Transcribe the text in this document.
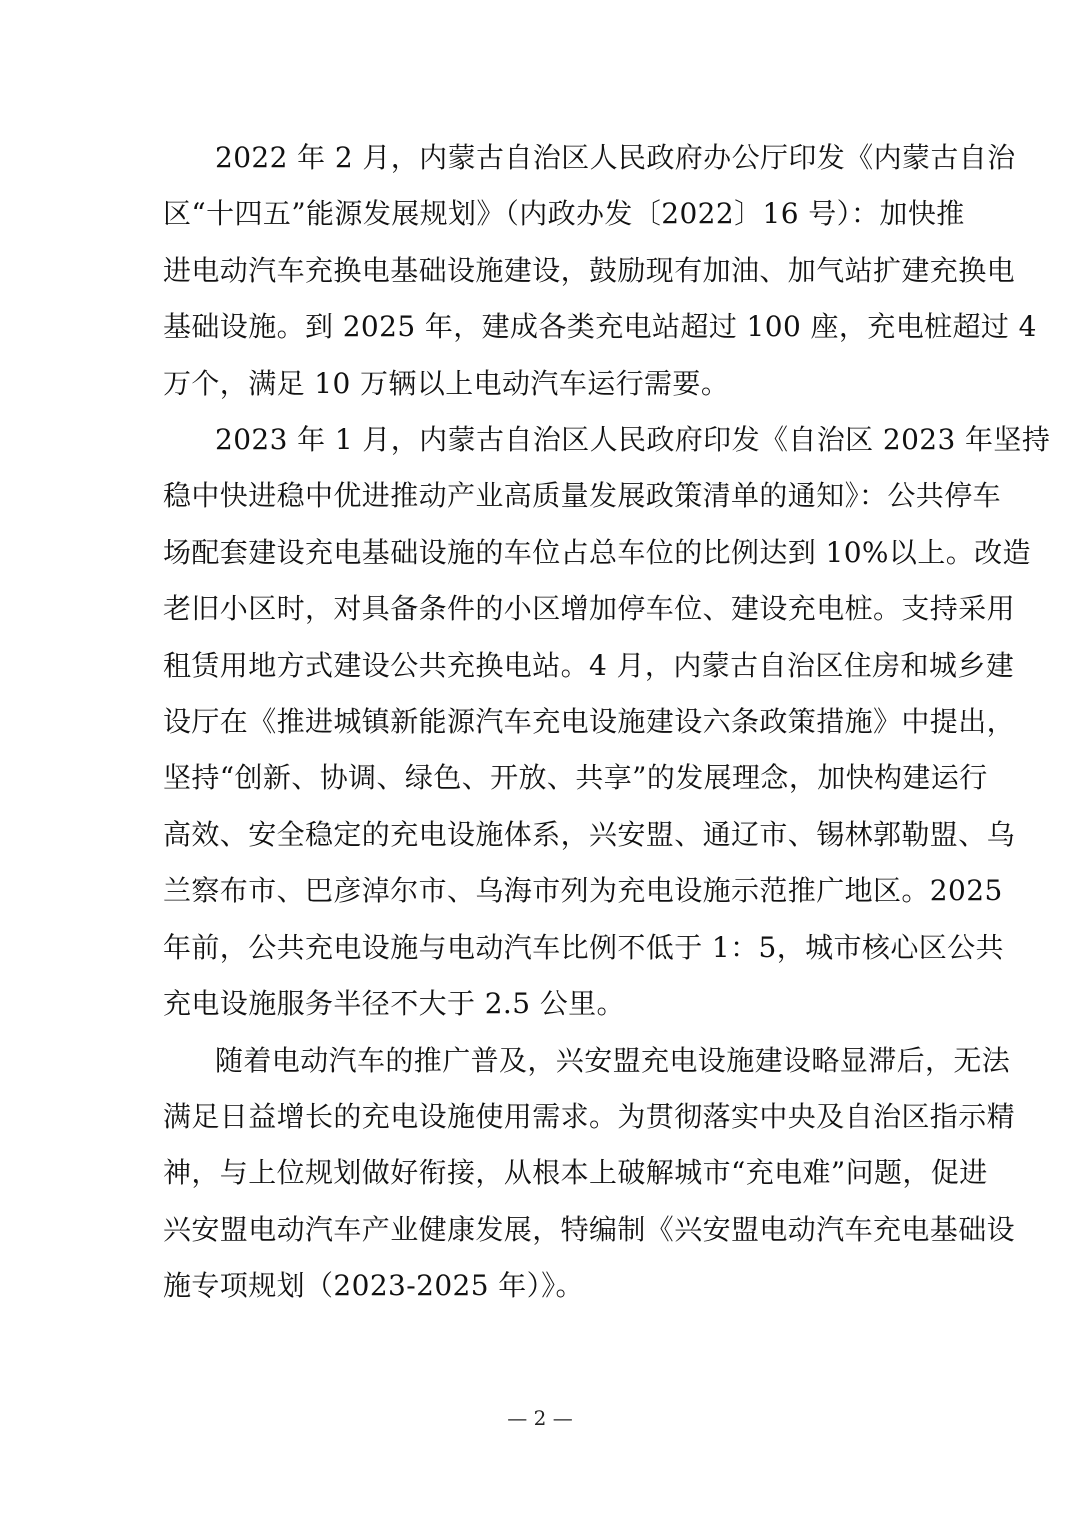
2022 年 2 月，内蒙古自治区人民政府办公厅印发《内蒙古自治
区“十四五”能源发展规划》（内政办发〔2022〕16 号）：加快推
进电动汽车充换电基础设施建设，鼓励现有加油、加气站扩建充换电
基础设施。到 2025 年，建成各类充电站超过 100 座，充电桩超过 4
万个，满足 10 万辆以上电动汽车运行需要。

2023 年 1 月，内蒙古自治区人民政府印发《自治区 2023 年坚持
稳中快进稳中优进推动产业高质量发展政策清单的通知》：公共停车
场配套建设充电基础设施的车位占总车位的比例达到 10%以上。改造
老旧小区时，对具备条件的小区增加停车位、建设充电桩。支持采用
租赁用地方式建设公共充换电站。4 月，内蒙古自治区住房和城乡建
设厅在《推进城镇新能源汽车充电设施建设六条政策措施》中提出，
坚持“创新、协调、绿色、开放、共享”的发展理念，加快构建运行
高效、安全稳定的充电设施体系，兴安盟、通辽市、锡林郭勒盟、乌
兰察布市、巴彦淖尔市、乌海市列为充电设施示范推广地区。2025
年前，公共充电设施与电动汽车比例不低于 1：5，城市核心区公共
充电设施服务半径不大于 2.5 公里。

随着电动汽车的推广普及，兴安盟充电设施建设略显滞后，无法
满足日益增长的充电设施使用需求。为贯彻落实中央及自治区指示精
神，与上位规划做好衔接，从根本上破解城市“充电难”问题，促进
兴安盟电动汽车产业健康发展，特编制《兴安盟电动汽车充电基础设
施专项规划（2023-2025 年）》。

— 2 —
